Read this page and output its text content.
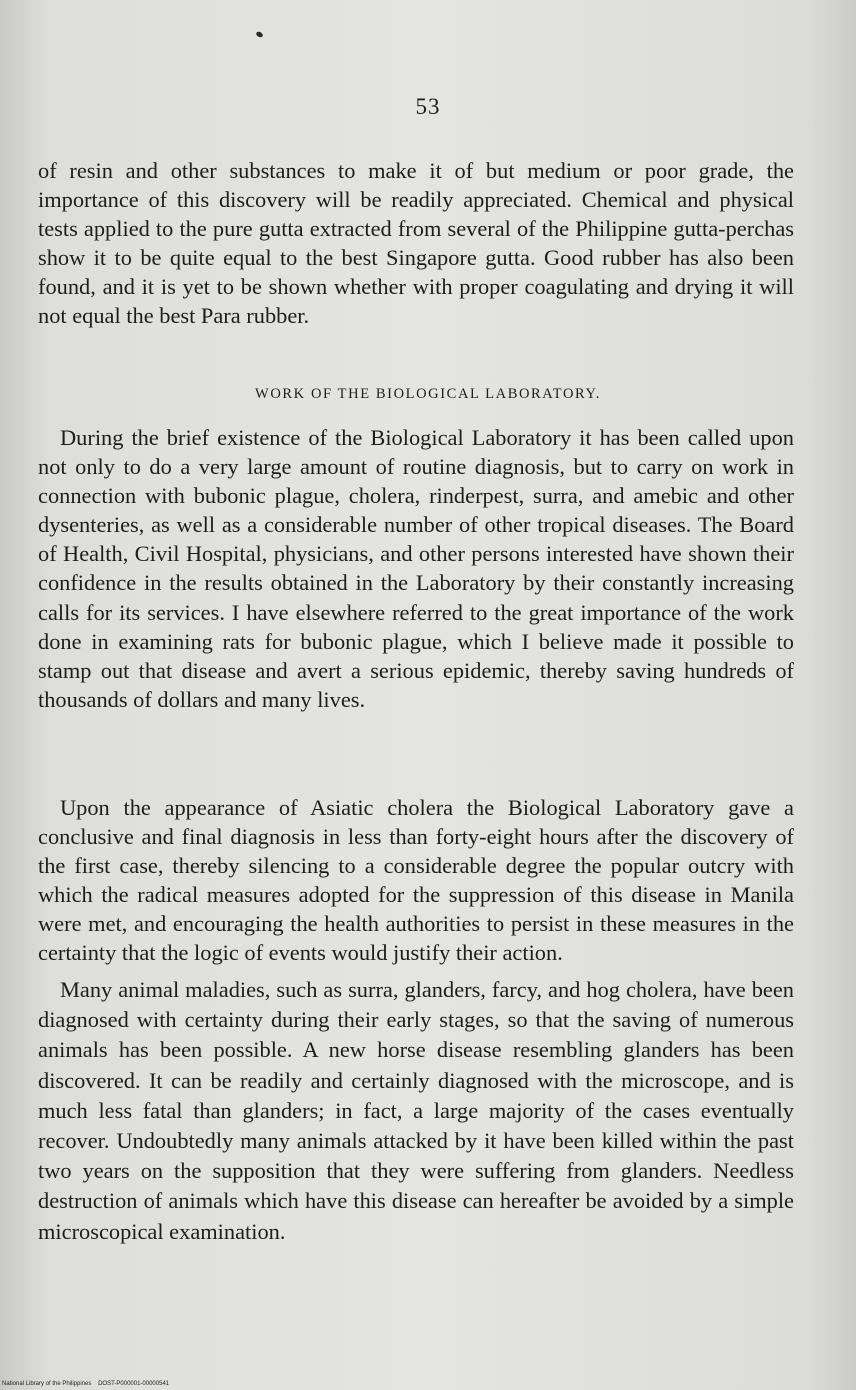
53

of resin and other substances to make it of but medium or poor grade, the importance of this discovery will be readily appreciated. Chemical and physical tests applied to the pure gutta extracted from several of the Philippine gutta-perchas show it to be quite equal to the best Singapore gutta. Good rubber has also been found, and it is yet to be shown whether with proper coagulating and drying it will not equal the best Para rubber.

WORK OF THE BIOLOGICAL LABORATORY.

During the brief existence of the Biological Laboratory it has been called upon not only to do a very large amount of routine diagnosis, but to carry on work in connection with bubonic plague, cholera, rinderpest, surra, and amebic and other dysenteries, as well as a considerable number of other tropical diseases. The Board of Health, Civil Hospital, physicians, and other persons interested have shown their confidence in the results obtained in the Laboratory by their constantly increasing calls for its services. I have elsewhere referred to the great importance of the work done in examining rats for bubonic plague, which I believe made it possible to stamp out that disease and avert a serious epidemic, thereby saving hundreds of thousands of dollars and many lives.

Upon the appearance of Asiatic cholera the Biological Laboratory gave a conclusive and final diagnosis in less than forty-eight hours after the discovery of the first case, thereby silencing to a considerable degree the popular outcry with which the radical measures adopted for the suppression of this disease in Manila were met, and encouraging the health authorities to persist in these measures in the certainty that the logic of events would justify their action.

Many animal maladies, such as surra, glanders, farcy, and hog cholera, have been diagnosed with certainty during their early stages, so that the saving of numerous animals has been possible. A new horse disease resembling glanders has been discovered. It can be readily and certainly diagnosed with the microscope, and is much less fatal than glanders; in fact, a large majority of the cases eventually recover. Undoubtedly many animals attacked by it have been killed within the past two years on the supposition that they were suffering from glanders. Needless destruction of animals which have this disease can hereafter be avoided by a simple microscopical examination.

National Library of the Philippines DOST-P000001-00000541
